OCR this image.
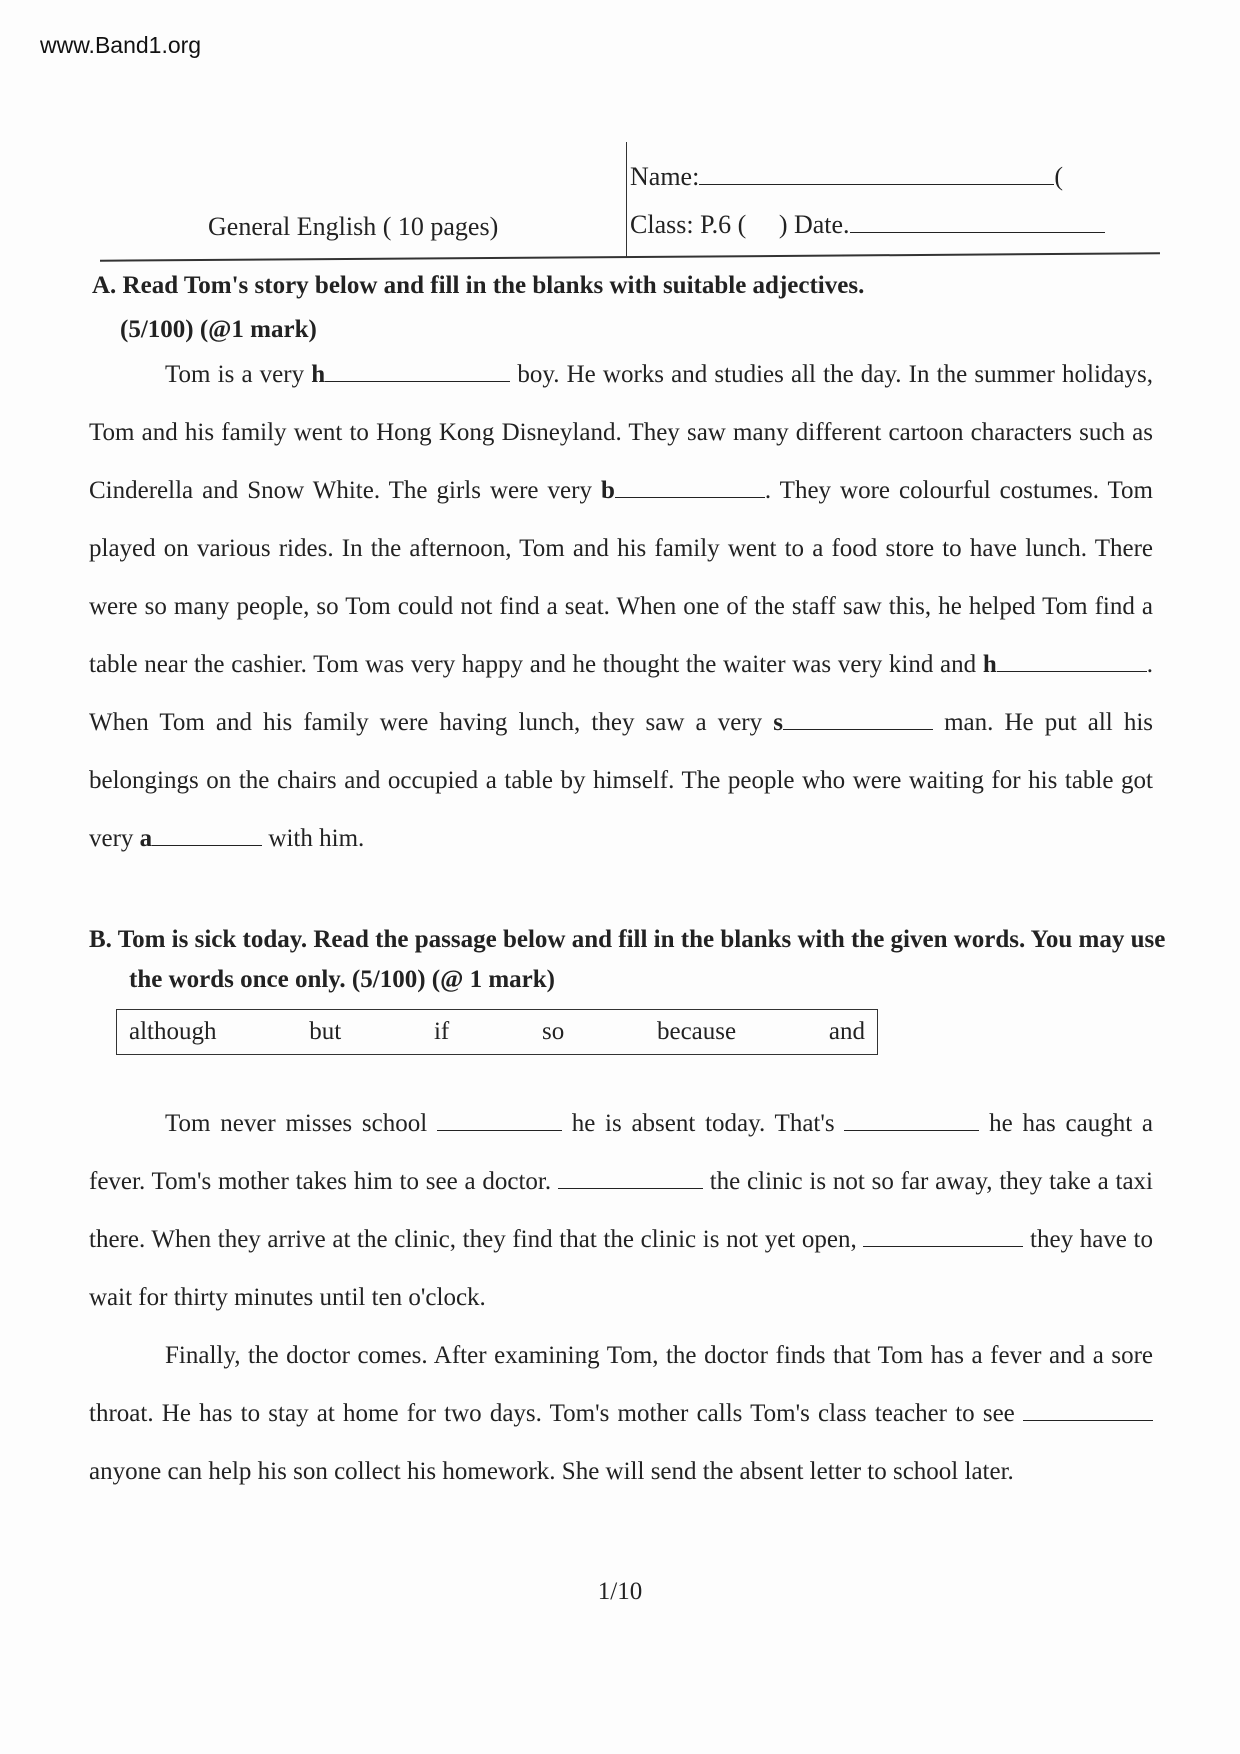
www.Band1.org
General English ( 10 pages)
Name:	(
Class: P.6 ( ) Date.
A. Read Tom's story below and fill in the blanks with suitable adjectives.
(5/100) (@1 mark)

Tom is a very h	boy. He works and studies all the day. In the summer holidays, Tom and his family went to Hong Kong Disneyland. They saw many different cartoon characters such as Cinderella and Snow White. The girls were very b	. They wore colourful costumes. Tom played on various rides. In the afternoon, Tom and his family went to a food store to have lunch. There were so many people, so Tom could not find a seat. When one of the staff saw this, he helped Tom find a table near the cashier. Tom was very happy and he thought the waiter was very kind and h	. When Tom and his family were having lunch, they saw a very s	man. He put all his belongings on the chairs and occupied a table by himself. The people who were waiting for his table got very a	with him.

B. Tom is sick today. Read the passage below and fill in the blanks with the given words. You may use the words once only. (5/100) (@ 1 mark)
although	but	if	so	because	and

Tom never misses school	he is absent today. That's	he has caught a fever. Tom's mother takes him to see a doctor.	the clinic is not so far away, they take a taxi there. When they arrive at the clinic, they find that the clinic is not yet open,	they have to wait for thirty minutes until ten o'clock.

Finally, the doctor comes. After examining Tom, the doctor finds that Tom has a fever and a sore throat. He has to stay at home for two days. Tom's mother calls Tom's class teacher to see  anyone can help his son collect his homework. She will send the absent letter to school later.

1/10
